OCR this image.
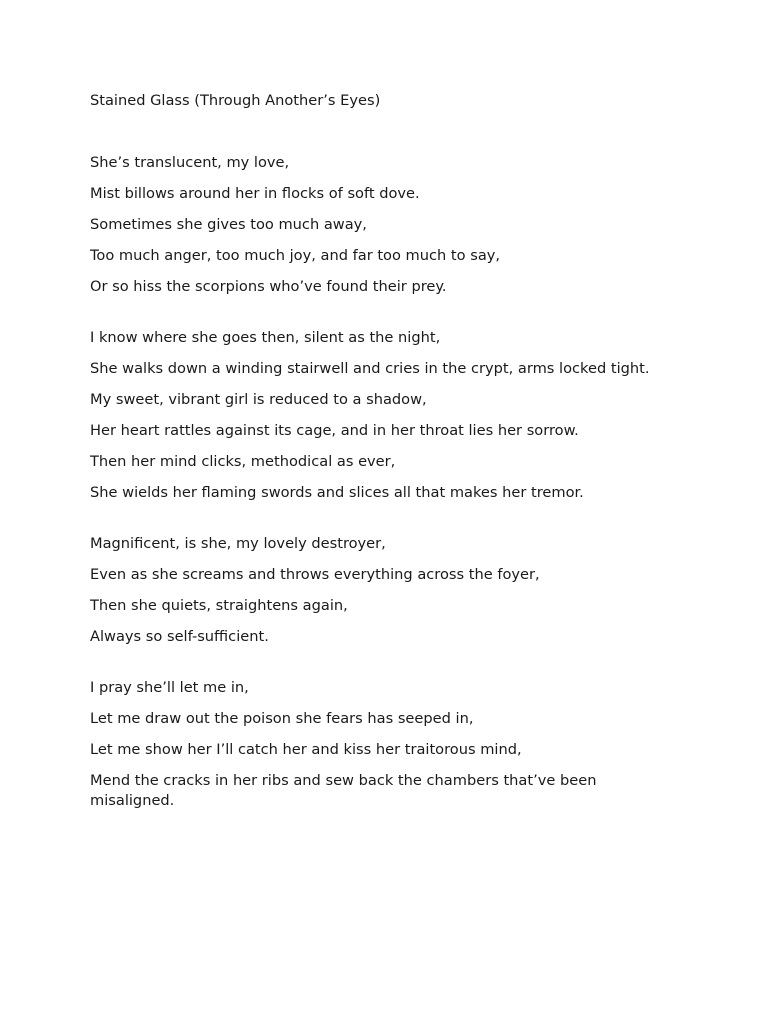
Stained Glass (Through Another’s Eyes)
She’s translucent, my love,
Mist billows around her in flocks of soft dove.
Sometimes she gives too much away,
Too much anger, too much joy, and far too much to say,
Or so hiss the scorpions who’ve found their prey.
I know where she goes then, silent as the night,
She walks down a winding stairwell and cries in the crypt, arms locked tight.
My sweet, vibrant girl is reduced to a shadow,
Her heart rattles against its cage, and in her throat lies her sorrow.
Then her mind clicks, methodical as ever,
She wields her flaming swords and slices all that makes her tremor.
Magnificent, is she, my lovely destroyer,
Even as she screams and throws everything across the foyer,
Then she quiets, straightens again,
Always so self-sufficient.
I pray she’ll let me in,
Let me draw out the poison she fears has seeped in,
Let me show her I’ll catch her and kiss her traitorous mind,
Mend the cracks in her ribs and sew back the chambers that’ve been misaligned.
